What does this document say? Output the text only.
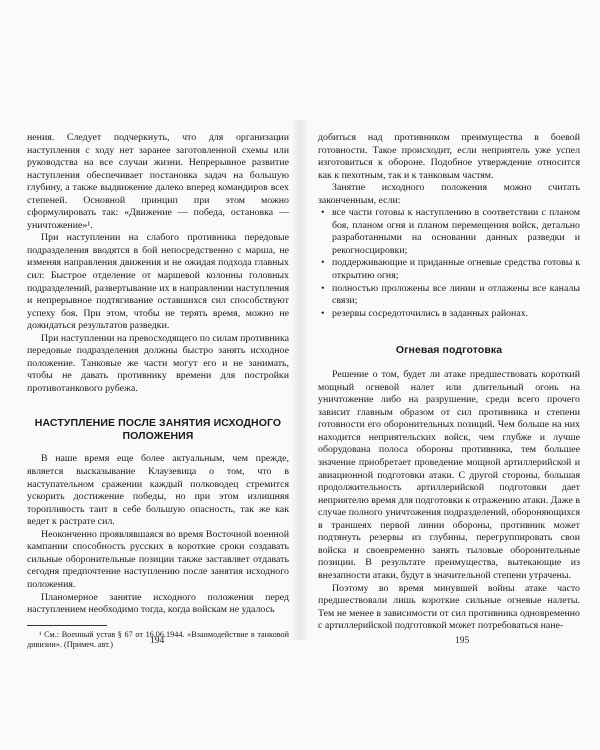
нения. Следует подчеркнуть, что для организации наступления с ходу нет заранее заготовленной схемы или руководства на все случаи жизни. Непрерывное развитие наступления обеспечивает постановка задач на большую глубину, а также выдвижение далеко вперед командиров всех степеней. Основной принцип при этом можно сформулировать так: «Движение — победа, остановка — уничтожение»¹.

При наступлении на слабого противника передовые подразделения вводятся в бой непосредственно с марша, не изменяя направления движения и не ожидая подхода главных сил: Быстрое отделение от маршевой колонны головных подразделений, развертывание их в направлении наступления и непрерывное подтягивание оставшихся сил способствуют успеху боя. При этом, чтобы не терять время, можно не дожидаться результатов разведки.

При наступлении на превосходящего по силам противника передовые подразделения должны быстро занять исходное положение. Танковые же части могут его и не занимать, чтобы не давать противнику времени для постройки противотанкового рубежа.

НАСТУПЛЕНИЕ ПОСЛЕ ЗАНЯТИЯ ИСХОДНОГО ПОЛОЖЕНИЯ

В наше время еще более актуальным, чем прежде, является высказывание Клаузевица о том, что в наступательном сражении каждый полководец стремится ускорить достижение победы, но при этом излишняя торопливость таит в себе большую опасность, так же как ведет к растрате сил.

Неоконченно проявлявшаяся во время Восточной военной кампании способность русских в короткие сроки создавать сильные оборонительные позиции также заставляет отдавать сегодня предпочтение наступлению после занятия исходного положения.

Планомерное занятие исходного положения перед наступлением необходимо тогда, когда войскам не удалось

¹ См.: Военный устав § 67 от 16.06.1944. «Взаимодействие в танковой дивизии». (Примеч. авт.)	194

добиться над противником преимущества в боевой готовности. Такое происходит, если неприятель уже успел изготовиться к обороне. Подобное утверждение относится как к пехотным, так и к танковым частям.

Занятие исходного положения можно считать законченным, если:

• все части готовы к наступлению в соответствии с планом боя, планом огня и планом перемещения войск, детально разработанными на основании данных разведки и рекогносцировки;
• поддерживающие и приданные огневые средства готовы к открытию огня;
• полностью проложены все линии и отлажены все каналы связи;
• резервы сосредоточились в заданных районах.
Огневая подготовка

Решение о том, будет ли атаке предшествовать короткий мощный огневой налет или длительный огонь на уничтожение либо на разрушение, среди всего прочего зависит главным образом от сил противника и степени готовности его оборонительных позиций. Чем больше на них находится неприятельских войск, чем глубже и лучше оборудована полоса обороны противника, тем большее значение приобретает проведение мощной артиллерийской и авиационной подготовки атаки. С другой стороны, большая продолжительность артиллерийской подготовки дает неприятелю время для подготовки к отражению атаки. Даже в случае полного уничтожения подразделений, обороняющихся в траншеях первой линии обороны, противник может подтянуть резервы из глубины, перегруппировать свои войска и своевременно занять тыловые оборонительные позиции. В результате преимущества, вытекающие из внезапности атаки, будут в значительной степени утрачены.

Поэтому во время минувшей войны атаке часто предшествовали лишь короткие сильные огневые налеты. Тем не менее в зависимости от сил противника одновременно с артиллерийской подготовкой может потребоваться нане-

195
